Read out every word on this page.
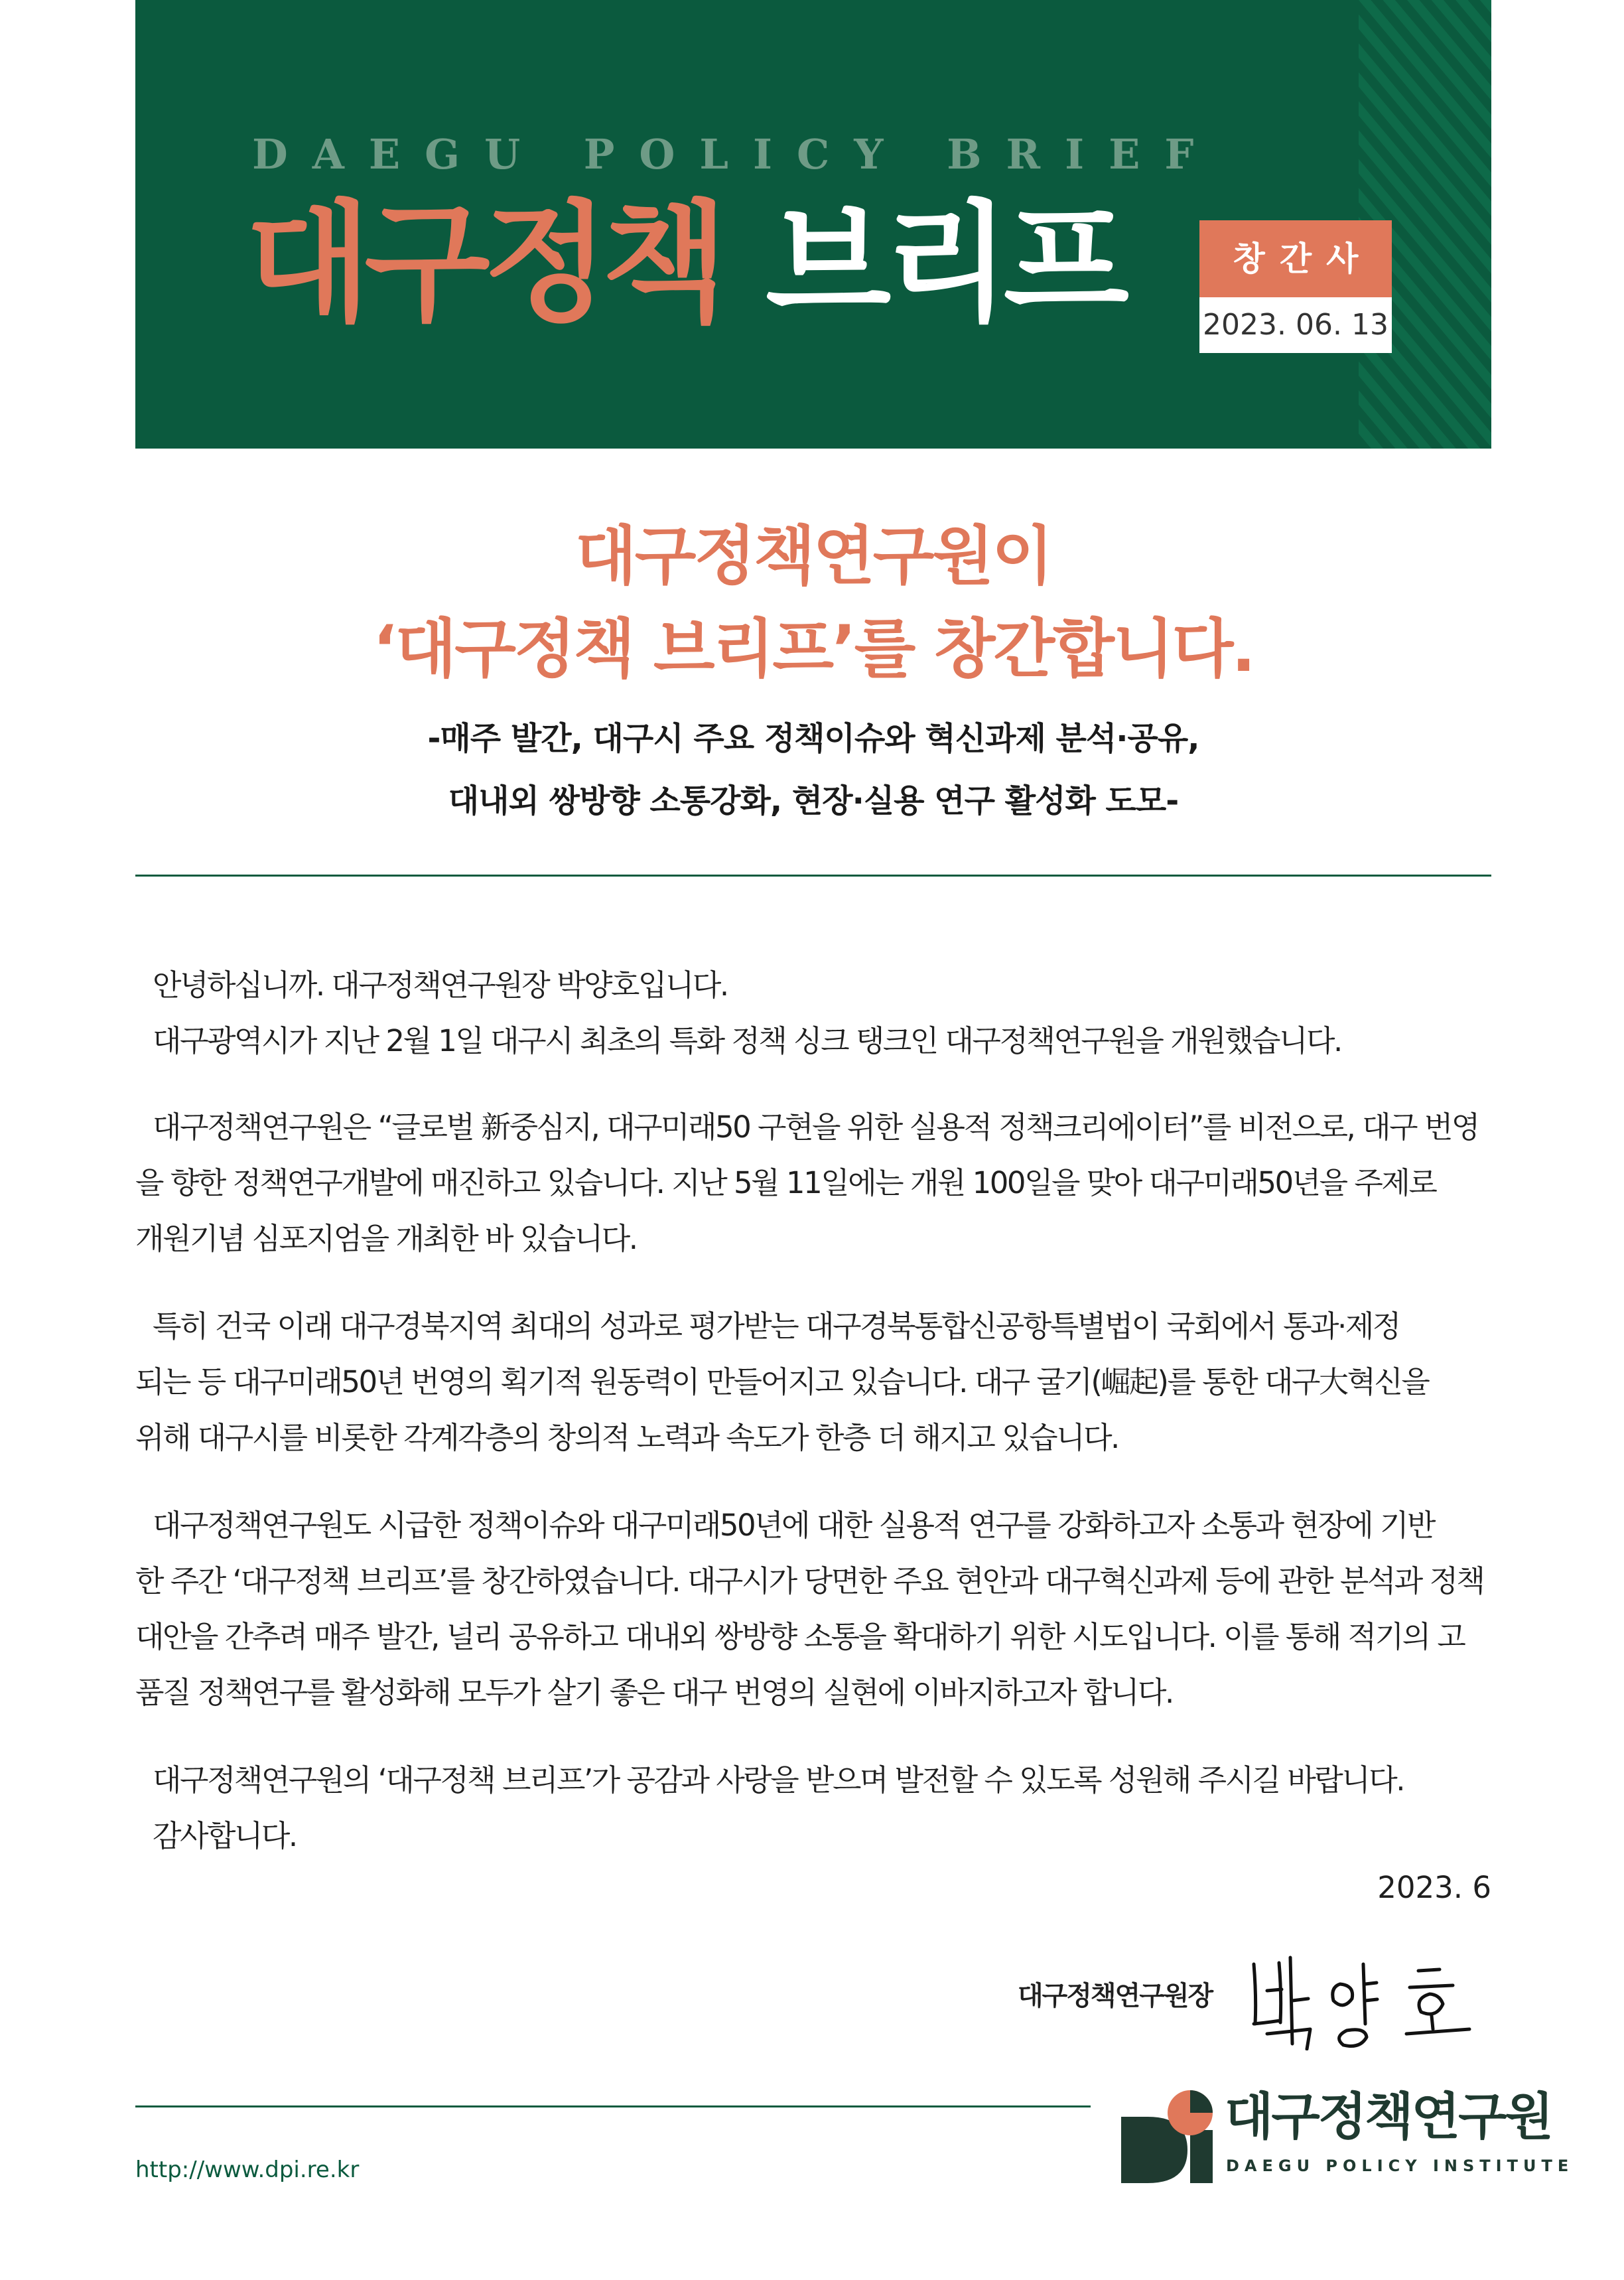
DAEGU POLICY BRIEF
대구정책 브리프	창간사
2023. 06. 13
대구정책연구원이
‘대구정책 브리프’를 창간합니다.
-매주 발간, 대구시 주요 정책이슈와 혁신과제 분석·공유,
대내외 쌍방향 소통강화, 현장·실용 연구 활성화 도모-
안녕하십니까. 대구정책연구원장 박양호입니다.
대구광역시가 지난 2월 1일 대구시 최초의 특화 정책 싱크 탱크인 대구정책연구원을 개원했습니다.
대구정책연구원은 “글로벌 新중심지, 대구미래50 구현을 위한 실용적 정책크리에이터”를 비전으로, 대구 번영
을 향한 정책연구개발에 매진하고 있습니다. 지난 5월 11일에는 개원 100일을 맞아 대구미래50년을 주제로
개원기념 심포지엄을 개최한 바 있습니다.
특히 건국 이래 대구경북지역 최대의 성과로 평가받는 대구경북통합신공항특별법이 국회에서 통과·제정
되는 등 대구미래50년 번영의 획기적 원동력이 만들어지고 있습니다. 대구 굴기(崛起)를 통한 대구大혁신을
위해 대구시를 비롯한 각계각층의 창의적 노력과 속도가 한층 더 해지고 있습니다.
대구정책연구원도 시급한 정책이슈와 대구미래50년에 대한 실용적 연구를 강화하고자 소통과 현장에 기반
한 주간 ‘대구정책 브리프’를 창간하였습니다. 대구시가 당면한 주요 현안과 대구혁신과제 등에 관한 분석과 정책
대안을 간추려 매주 발간, 널리 공유하고 대내외 쌍방향 소통을 확대하기 위한 시도입니다. 이를 통해 적기의 고
품질 정책연구를 활성화해 모두가 살기 좋은 대구 번영의 실현에 이바지하고자 합니다.
대구정책연구원의 ‘대구정책 브리프’가 공감과 사랑을 받으며 발전할 수 있도록 성원해 주시길 바랍니다.
감사합니다.
2023. 6
대구정책연구원장
http://www.dpi.re.kr
대구정책연구원
DAEGU POLICY INSTITUTE
